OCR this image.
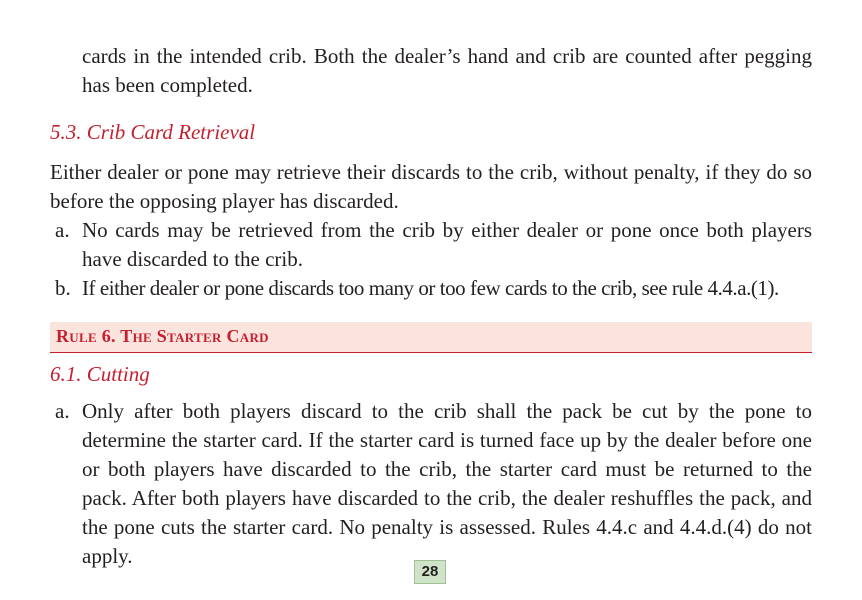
cards in the intended crib. Both the dealer’s hand and crib are counted after pegging has been completed.

5.3. Crib Card Retrieval

Either dealer or pone may retrieve their discards to the crib, without penalty, if they do so before the opposing player has discarded.

a. No cards may be retrieved from the crib by either dealer or pone once both players have discarded to the crib.
b. If either dealer or pone discards too many or too few cards to the crib, see rule 4.4.a.(1).
Rule 6. The Starter Card
6.1. Cutting
a. Only after both players discard to the crib shall the pack be cut by the pone to determine the starter card. If the starter card is turned face up by the dealer before one or both players have discarded to the crib, the starter card must be returned to the pack. After both players have discarded to the crib, the dealer reshuffles the pack, and the pone cuts the starter card. No penalty is assessed. Rules 4.4.c and 4.4.d.(4) do not apply.
28
